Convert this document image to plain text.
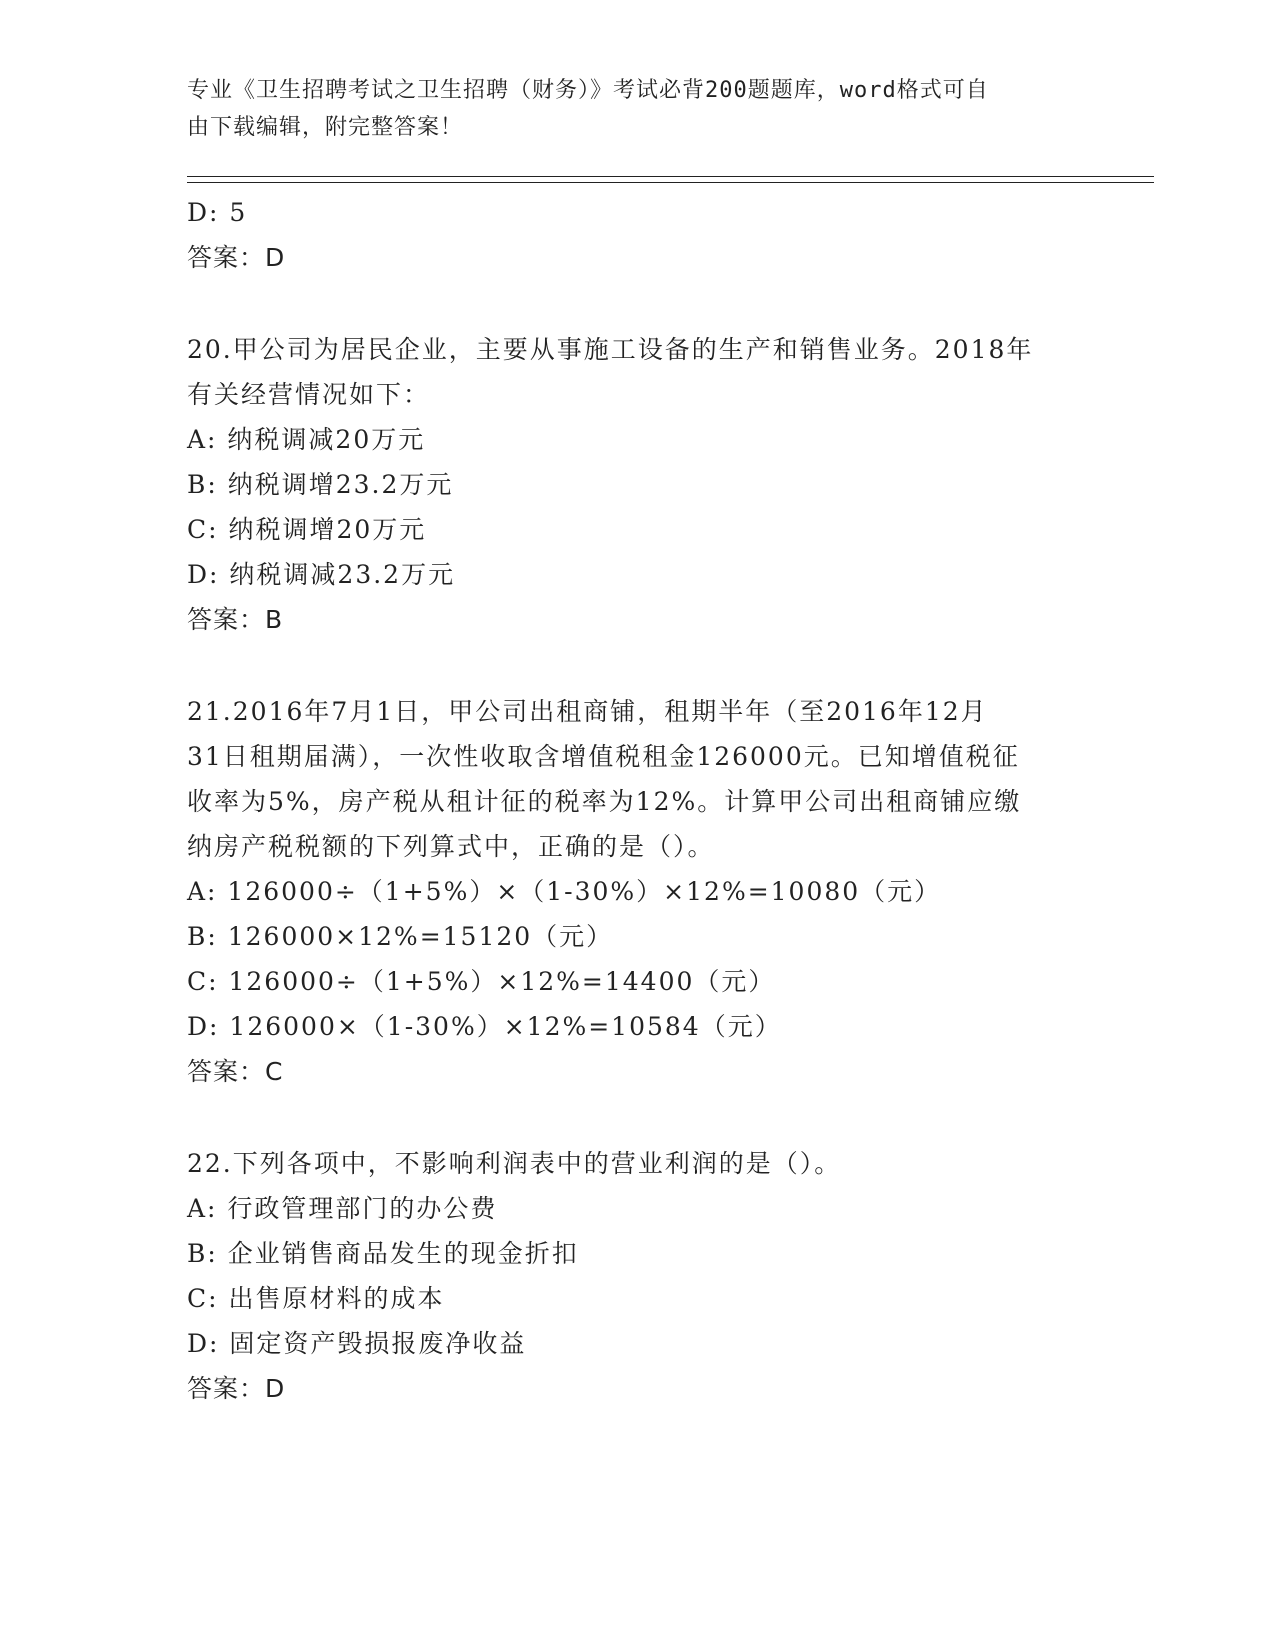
专业《卫生招聘考试之卫生招聘（财务）》考试必背200题题库，word格式可自
由下载编辑，附完整答案！
D: 5
答案：D
20.甲公司为居民企业，主要从事施工设备的生产和销售业务。2018年
有关经营情况如下：
A: 纳税调减20万元
B: 纳税调增23.2万元
C: 纳税调增20万元
D: 纳税调减23.2万元
答案：B
21.2016年7月1日，甲公司出租商铺，租期半年（至2016年12月
31日租期届满），一次性收取含增值税租金126000元。已知增值税征
收率为5%，房产税从租计征的税率为12%。计算甲公司出租商铺应缴
纳房产税税额的下列算式中，正确的是（）。
A: 126000÷（1+5%）×（1-30%）×12%=10080（元）
B: 126000×12%=15120（元）
C: 126000÷（1+5%）×12%=14400（元）
D: 126000×（1-30%）×12%=10584（元）
答案：C
22.下列各项中，不影响利润表中的营业利润的是（）。
A: 行政管理部门的办公费
B: 企业销售商品发生的现金折扣
C: 出售原材料的成本
D: 固定资产毁损报废净收益
答案：D
